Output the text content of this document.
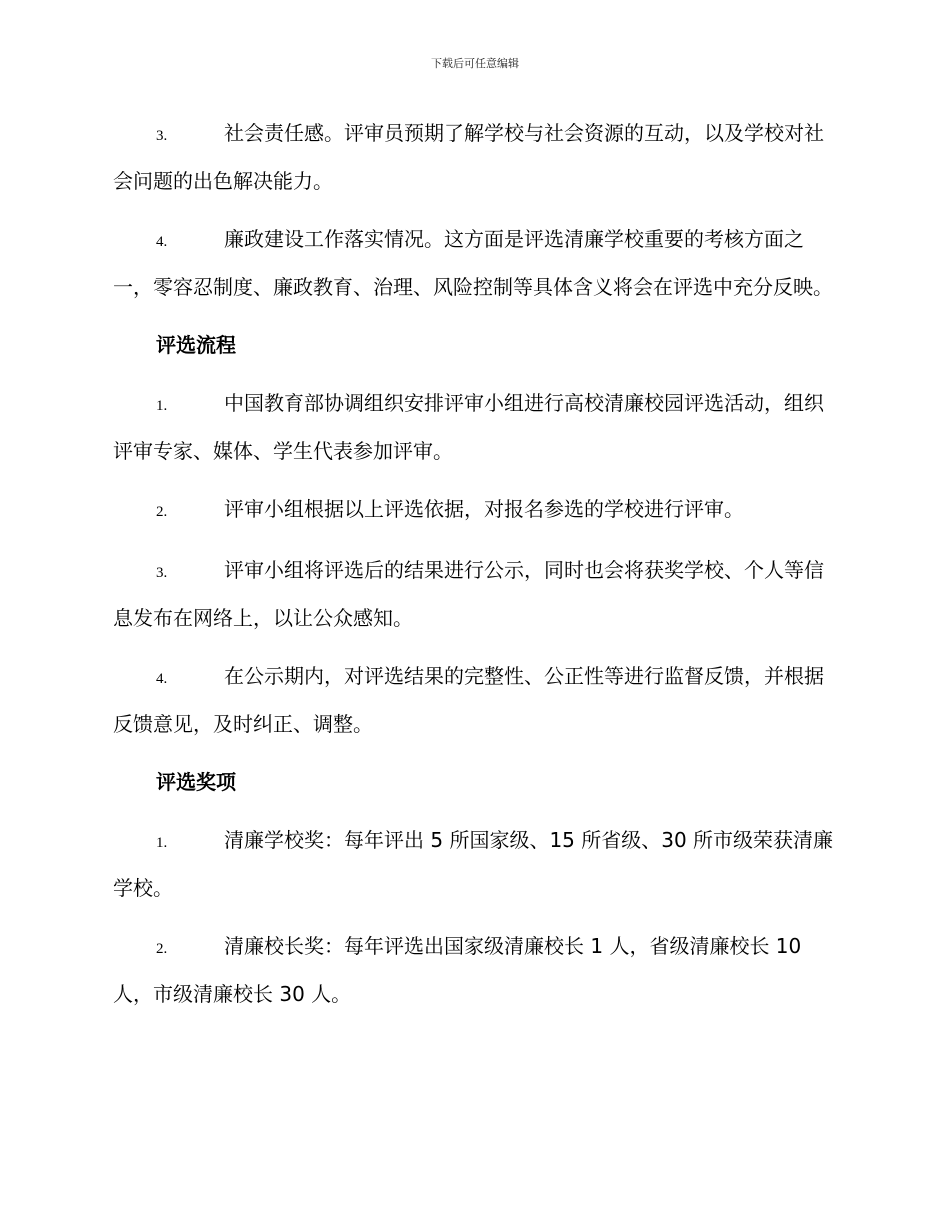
下载后可任意编辑

3.	社会责任感。评审员预期了解学校与社会资源的互动，以及学校对社会问题的出色解决能力。

4.	廉政建设工作落实情况。这方面是评选清廉学校重要的考核方面之一，零容忍制度、廉政教育、治理、风险控制等具体含义将会在评选中充分反映。

评选流程

1.	中国教育部协调组织安排评审小组进行高校清廉校园评选活动，组织评审专家、媒体、学生代表参加评审。

2.	评审小组根据以上评选依据，对报名参选的学校进行评审。

3.	评审小组将评选后的结果进行公示，同时也会将获奖学校、个人等信息发布在网络上，以让公众感知。

4.	在公示期内，对评选结果的完整性、公正性等进行监督反馈，并根据反馈意见，及时纠正、调整。

评选奖项

1.	清廉学校奖：每年评出 5 所国家级、15 所省级、30 所市级荣获清廉学校。

2.	清廉校长奖：每年评选出国家级清廉校长 1 人，省级清廉校长 10 人，市级清廉校长 30 人。
